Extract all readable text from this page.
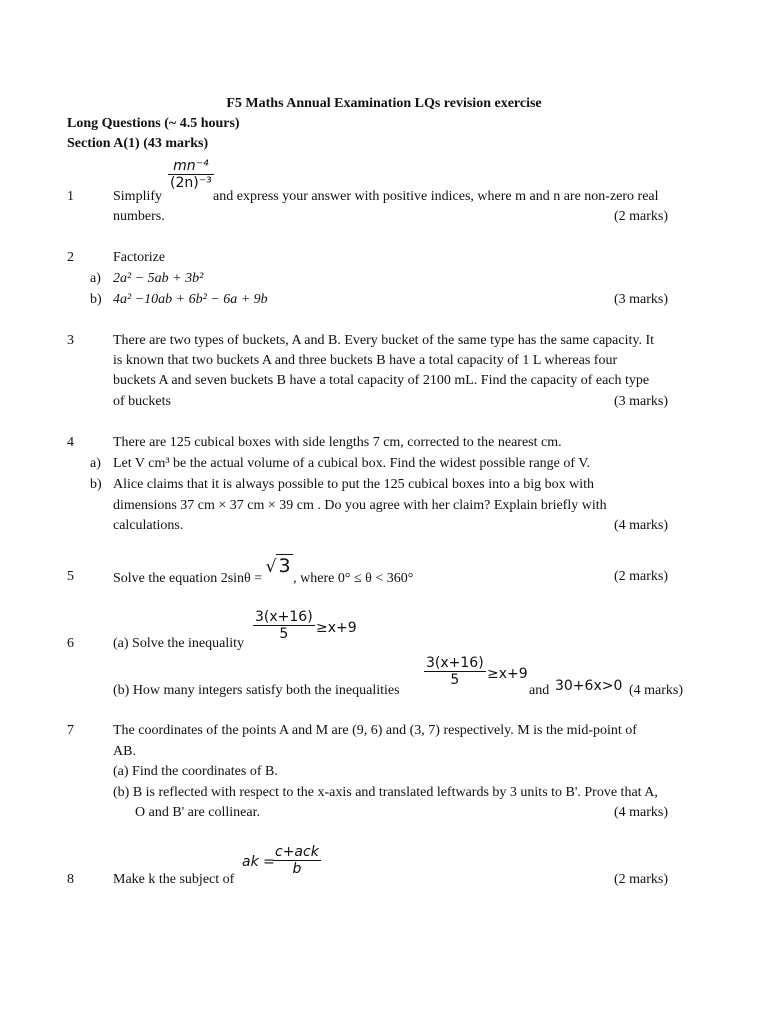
F5 Maths Annual Examination LQs revision exercise
Long Questions (~ 4.5 hours)
Section A(1) (43 marks)
1	Simplify	and express your answer with positive indices, where m and n are non-zero real
$\frac{\text{mn⁻⁴}}{\text{(2n)⁻³}}$
numbers.	(2 marks)
2	Factorize
a) 2a² − 5ab + 3b²
b) 4a² −10ab + 6b² − 6a + 9b	(3 marks)
3	There are two types of buckets, A and B. Every bucket of the same type has the same capacity. It
is known that two buckets A and three buckets B have a total capacity of 1 L whereas four
buckets A and seven buckets B have a total capacity of 2100 mL. Find the capacity of each type
of buckets	(3 marks)
4	There are 125 cubical boxes with side lengths 7 cm, corrected to the nearest cm.
a) Let V cm³ be the actual volume of a cubical box. Find the widest possible range of V.
b) Alice claims that it is always possible to put the 125 cubical boxes into a big box with
dimensions 37 cm × 37 cm × 39 cm . Do you agree with her claim? Explain briefly with
calculations.	(4 marks)
5	Solve the equation 2sinθ =
√ 3
, where 0° ≤ θ < 360°	(2 marks)
$\frac{3(x+16)}{5} \ge x+9$
6	(a) Solve the inequality
$\frac{3(x+16)}{5} \ge x+9$
(b) How many integers satisfy both the inequalities	and 30+6x>0 (4 marks)
7	The coordinates of the points A and M are (9, 6) and (3, 7) respectively. M is the mid-point of
AB.
(a) Find the coordinates of B.
(b) B is reflected with respect to the x-axis and translated leftwards by 3 units to B'. Prove that A,
O and B' are collinear.	(4 marks)
ak =
c+ack
b
8	Make k the subject of	(2 marks)
